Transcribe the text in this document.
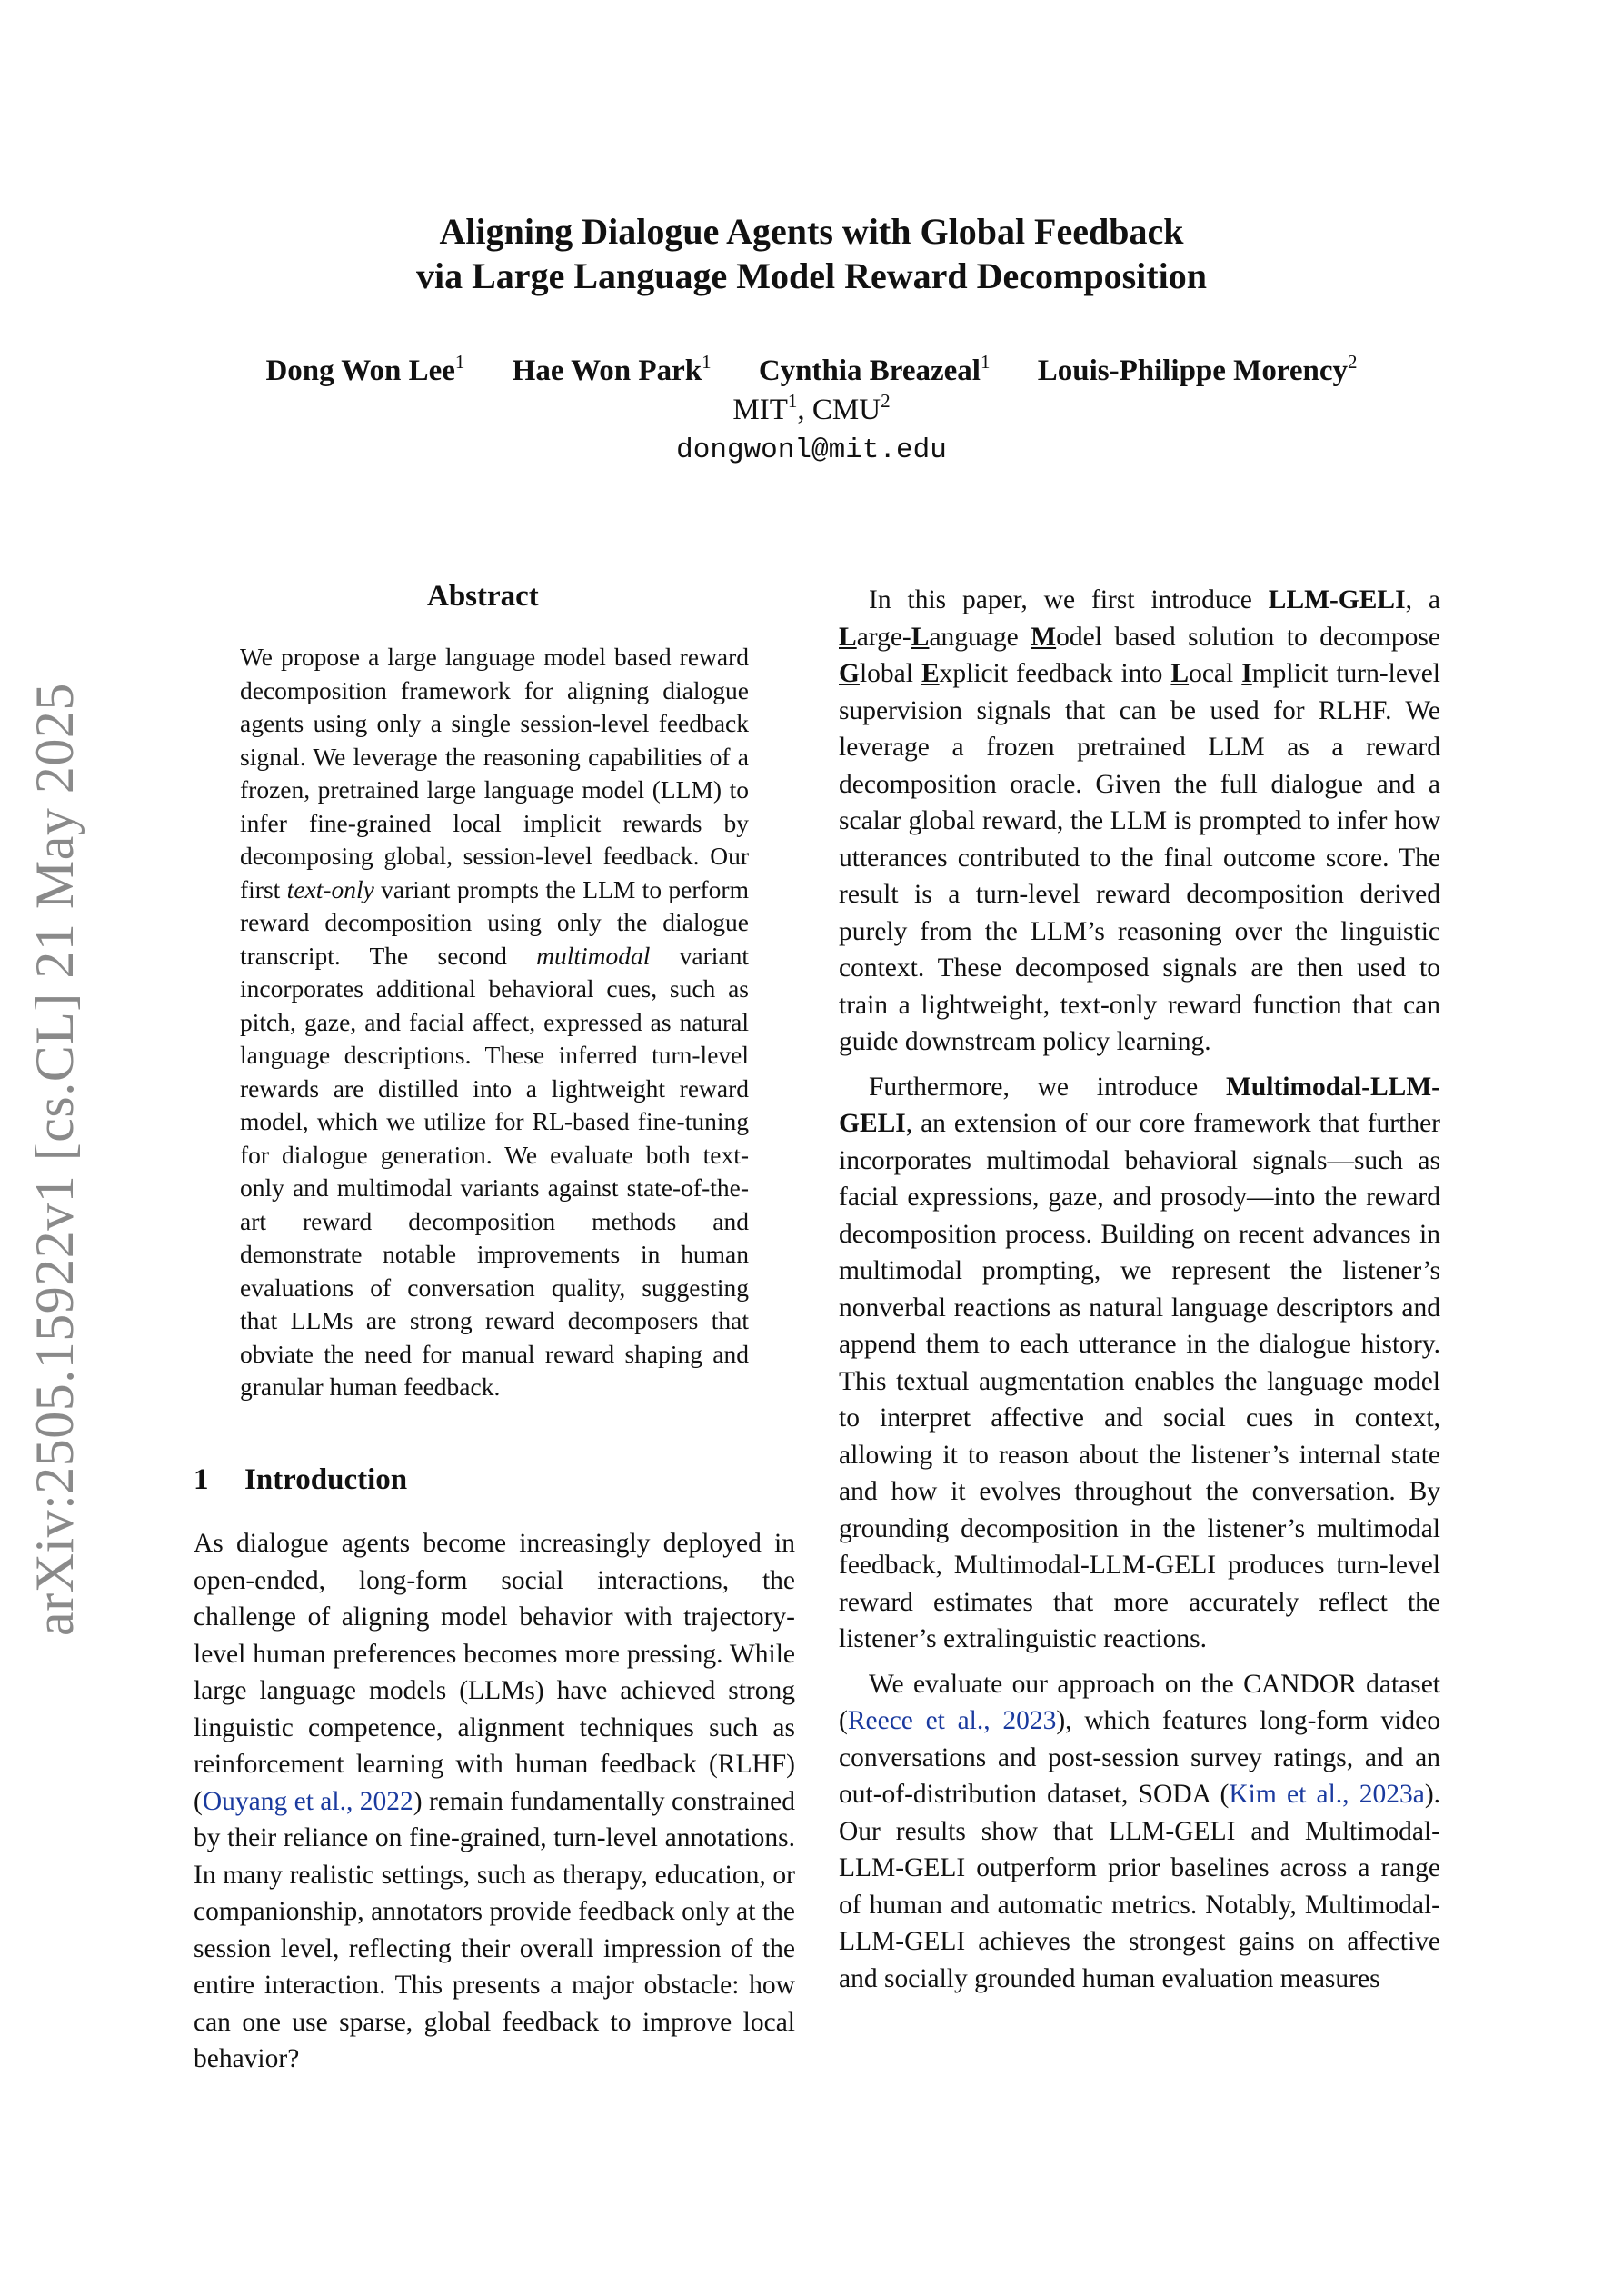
arXiv:2505.15922v1 [cs.CL] 21 May 2025
Aligning Dialogue Agents with Global Feedback
via Large Language Model Reward Decomposition
Dong Won Lee$^1$ Hae Won Park$^1$ Cynthia Breazeal$^1$ Louis-Philippe Morency$^2$
MIT$^1$, CMU$^2$
dongwonl@mit.edu
Abstract
We propose a large language model based reward decomposition framework for aligning dialogue agents using only a single session-level feedback signal. We leverage the reasoning capabilities of a frozen, pretrained large language model (LLM) to infer fine-grained local implicit rewards by decomposing global, session-level feedback. Our first text-only variant prompts the LLM to perform reward decomposition using only the dialogue transcript. The second multimodal variant incorporates additional behavioral cues, such as pitch, gaze, and facial affect, expressed as natural language descriptions. These inferred turn-level rewards are distilled into a lightweight reward model, which we utilize for RL-based fine-tuning for dialogue generation. We evaluate both text-only and multimodal variants against state-of-the-art reward decomposition methods and demonstrate notable improvements in human evaluations of conversation quality, suggesting that LLMs are strong reward decomposers that obviate the need for manual reward shaping and granular human feedback.
1 Introduction

As dialogue agents become increasingly deployed in open-ended, long-form social interactions, the challenge of aligning model behavior with trajectory-level human preferences becomes more pressing. While large language models (LLMs) have achieved strong linguistic competence, alignment techniques such as reinforcement learning with human feedback (RLHF) (Ouyang et al., 2022) remain fundamentally constrained by their reliance on fine-grained, turn-level annotations. In many realistic settings, such as therapy, education, or companionship, annotators provide feedback only at the session level, reflecting their overall impression of the entire interaction. This presents a major obstacle: how can one use sparse, global feedback to improve local behavior?

In this paper, we first introduce LLM-GELI, a Large-Language Model based solution to decompose Global Explicit feedback into Local Implicit turn-level supervision signals that can be used for RLHF. We leverage a frozen pretrained LLM as a reward decomposition oracle. Given the full dialogue and a scalar global reward, the LLM is prompted to infer how utterances contributed to the final outcome score. The result is a turn-level reward decomposition derived purely from the LLM’s reasoning over the linguistic context. These decomposed signals are then used to train a lightweight, text-only reward function that can guide downstream policy learning.

Furthermore, we introduce Multimodal-LLM-GELI, an extension of our core framework that further incorporates multimodal behavioral signals—such as facial expressions, gaze, and prosody—into the reward decomposition process. Building on recent advances in multimodal prompting, we represent the listener’s nonverbal reactions as natural language descriptors and append them to each utterance in the dialogue history. This textual augmentation enables the language model to interpret affective and social cues in context, allowing it to reason about the listener’s internal state and how it evolves throughout the conversation. By grounding decomposition in the listener’s multimodal feedback, Multimodal-LLM-GELI produces turn-level reward estimates that more accurately reflect the listener’s extralinguistic reactions.

We evaluate our approach on the CANDOR dataset (Reece et al., 2023), which features long-form video conversations and post-session survey ratings, and an out-of-distribution dataset, SODA (Kim et al., 2023a). Our results show that LLM-GELI and Multimodal-LLM-GELI outperform prior baselines across a range of human and automatic metrics. Notably, Multimodal-LLM-GELI achieves the strongest gains on affective and socially grounded human evaluation measures
